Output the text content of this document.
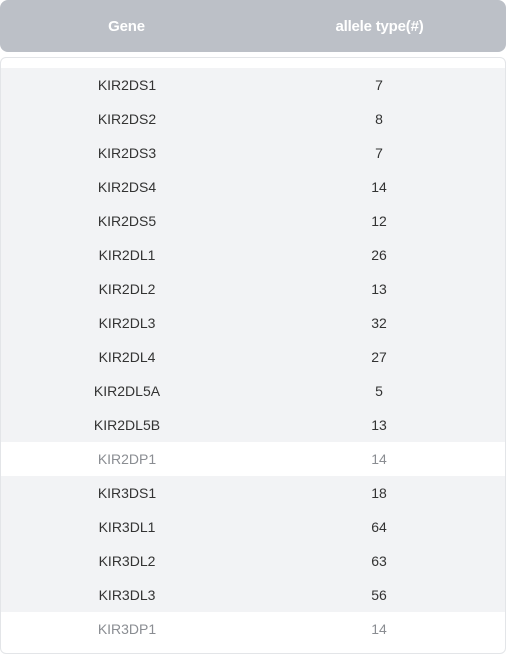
Gene	allele type(#)
KIR2DS1	7
KIR2DS2	8
KIR2DS3	7
KIR2DS4	14
KIR2DS5	12
KIR2DL1	26
KIR2DL2	13
KIR2DL3	32
KIR2DL4	27
KIR2DL5A	5
KIR2DL5B	13
KIR2DP1	14
KIR3DS1	18
KIR3DL1	64
KIR3DL2	63
KIR3DL3	56
KIR3DP1	14
